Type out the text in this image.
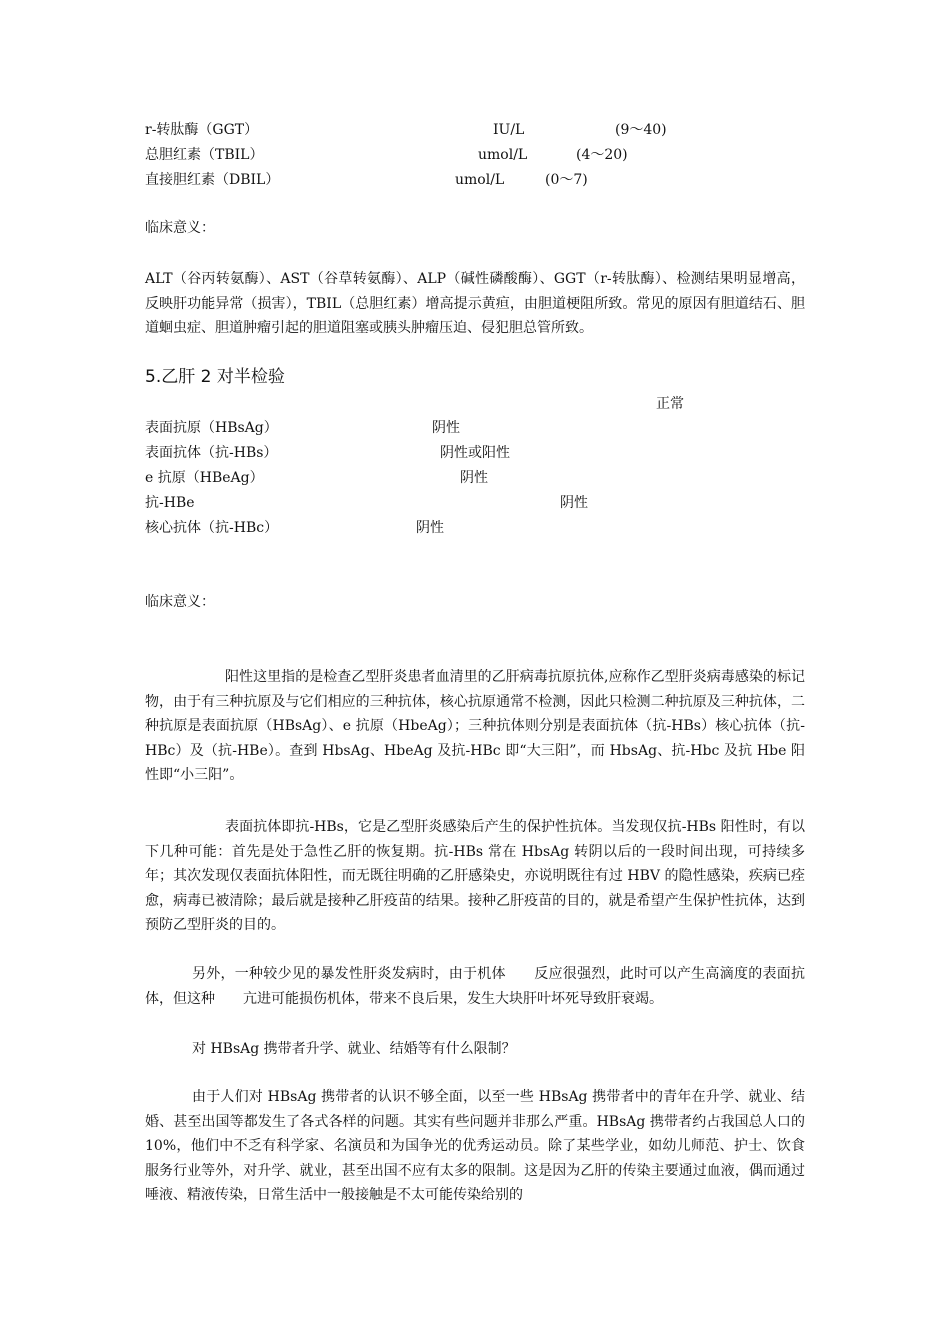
r-转肽酶（GGT）	IU/L	(9～40)
总胆红素（TBIL）	umol/L	(4～20)
直接胆红素（DBIL）	umol/L	(0～7)
临床意义：
ALT（谷丙转氨酶）、AST（谷草转氨酶）、ALP（碱性磷酸酶）、GGT（r-转肽酶）、检测结果明显增高，反映肝功能异常（损害），TBIL（总胆红素）增高提示黄疸，由胆道梗阻所致。常见的原因有胆道结石、胆道蛔虫症、胆道肿瘤引起的胆道阻塞或胰头肿瘤压迫、侵犯胆总管所致。
5.乙肝 2 对半检验
正常
表面抗原（HBsAg）	阴性
表面抗体（抗-HBs）	阴性或阳性
e 抗原（HBeAg）	阴性
抗-HBe	阴性
核心抗体（抗-HBc）	阴性
临床意义：
阳性这里指的是检查乙型肝炎患者血清里的乙肝病毒抗原抗体,应称作乙型肝炎病毒感染的标记物，由于有三种抗原及与它们相应的三种抗体，核心抗原通常不检测，因此只检测二种抗原及三种抗体，二种抗原是表面抗原（HBsAg）、e 抗原（HbeAg）；三种抗体则分别是表面抗体（抗-HBs）核心抗体（抗-HBc）及（抗-HBe）。查到 HbsAg、HbeAg 及抗-HBc 即“大三阳”，而 HbsAg、抗-Hbc 及抗 Hbe 阳性即“小三阳”。
表面抗体即抗-HBs，它是乙型肝炎感染后产生的保护性抗体。当发现仅抗-HBs 阳性时，有以下几种可能：首先是处于急性乙肝的恢复期。抗-HBs 常在 HbsAg 转阴以后的一段时间出现，可持续多年；其次发现仅表面抗体阳性，而无既往明确的乙肝感染史，亦说明既往有过 HBV 的隐性感染，疾病已痊愈，病毒已被清除；最后就是接种乙肝疫苗的结果。接种乙肝疫苗的目的，就是希望产生保护性抗体，达到预防乙型肝炎的目的。
另外，一种较少见的暴发性肝炎发病时，由于机体　　反应很强烈，此时可以产生高滴度的表面抗体，但这种　　亢进可能损伤机体，带来不良后果，发生大块肝叶坏死导致肝衰竭。
对 HBsAg 携带者升学、就业、结婚等有什么限制？
由于人们对 HBsAg 携带者的认识不够全面，以至一些 HBsAg 携带者中的青年在升学、就业、结婚、甚至出国等都发生了各式各样的问题。其实有些问题并非那么严重。HBsAg 携带者约占我国总人口的 10%，他们中不乏有科学家、名演员和为国争光的优秀运动员。除了某些学业，如幼儿师范、护士、饮食服务行业等外，对升学、就业，甚至出国不应有太多的限制。这是因为乙肝的传染主要通过血液，偶而通过唾液、精液传染，日常生活中一般接触是不太可能传染给别的
